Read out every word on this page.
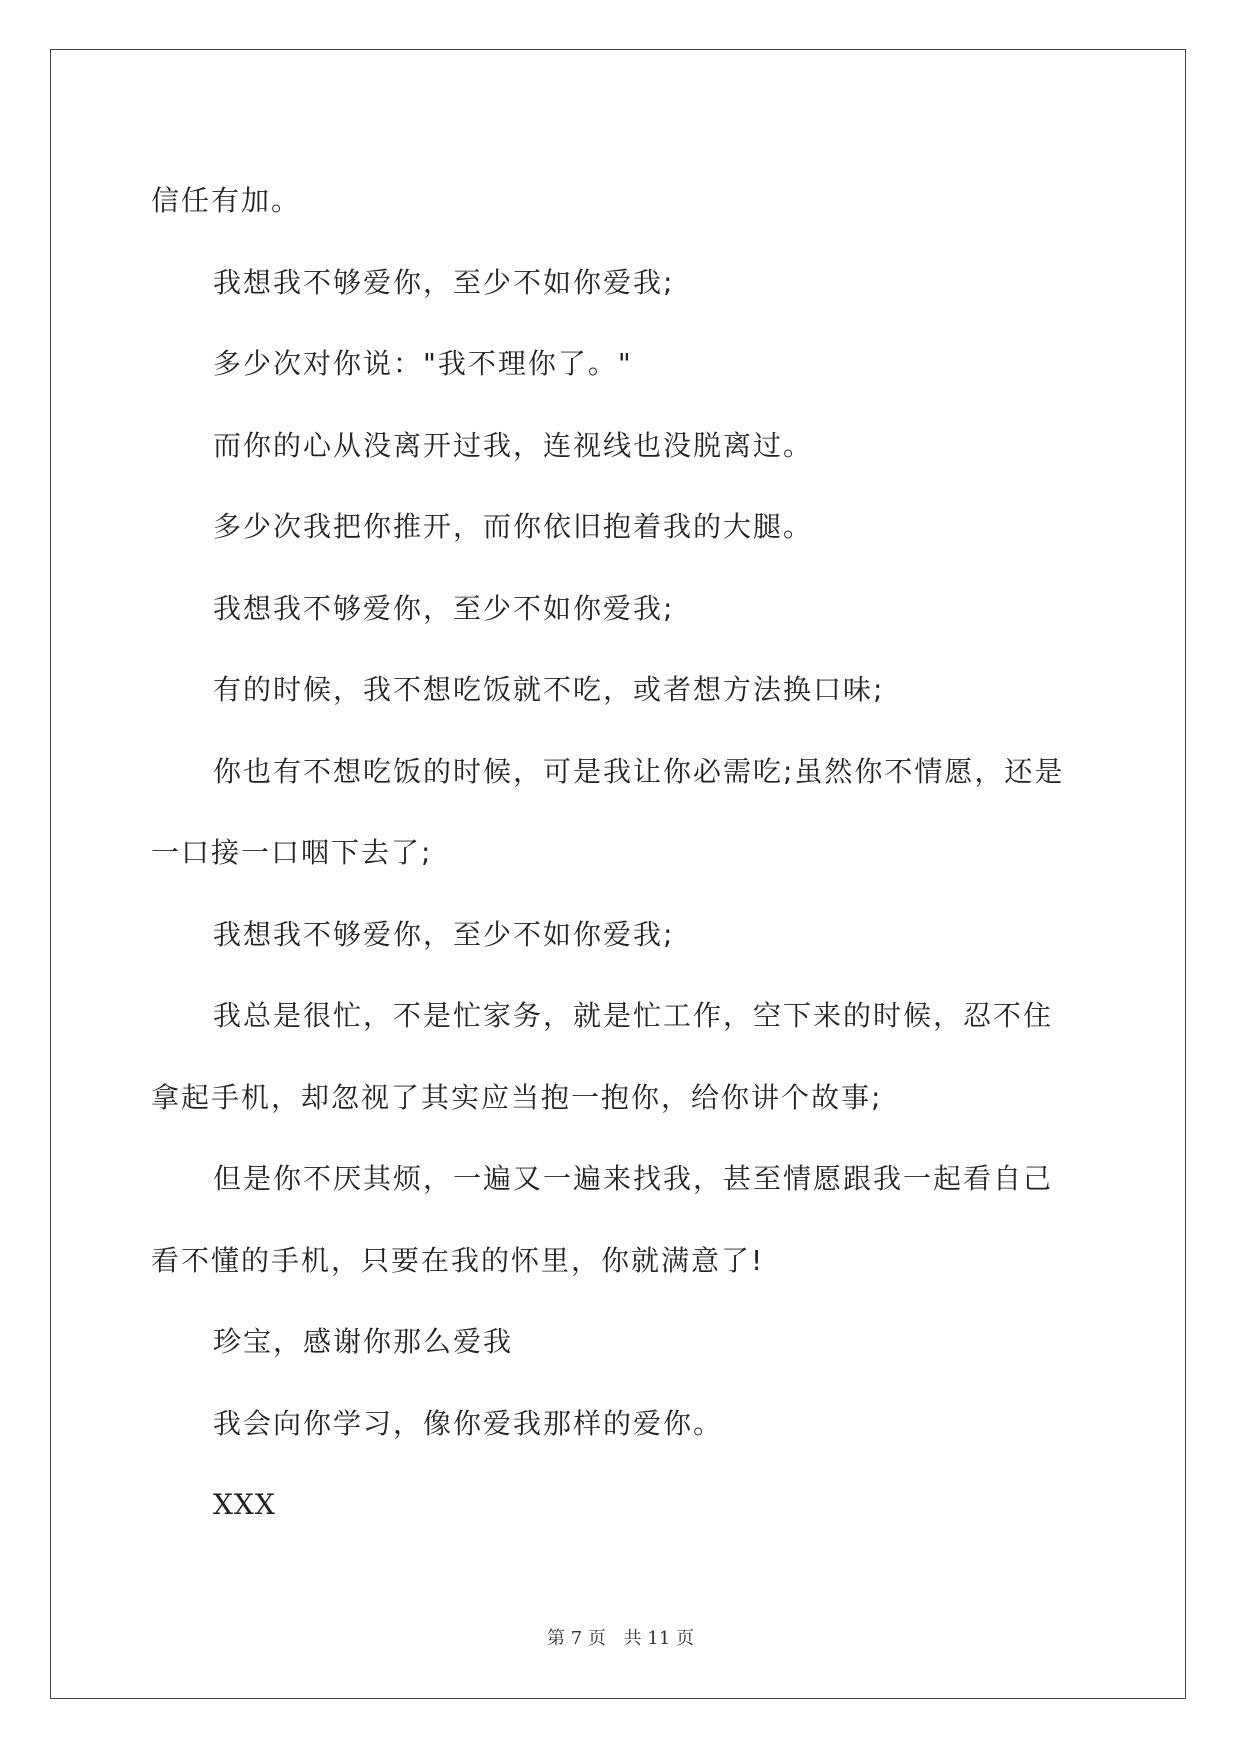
信任有加。
我想我不够爱你，至少不如你爱我;
多少次对你说："我不理你了。"
而你的心从没离开过我，连视线也没脱离过。
多少次我把你推开，而你依旧抱着我的大腿。
我想我不够爱你，至少不如你爱我;
有的时候，我不想吃饭就不吃，或者想方法换口味;
你也有不想吃饭的时候，可是我让你必需吃;虽然你不情愿，还是
一口接一口咽下去了;
我想我不够爱你，至少不如你爱我;
我总是很忙，不是忙家务，就是忙工作，空下来的时候，忍不住
拿起手机，却忽视了其实应当抱一抱你，给你讲个故事;
但是你不厌其烦，一遍又一遍来找我，甚至情愿跟我一起看自己
看不懂的手机，只要在我的怀里，你就满意了!
珍宝，感谢你那么爱我
我会向你学习，像你爱我那样的爱你。
XXX
第 7 页 共 11 页
